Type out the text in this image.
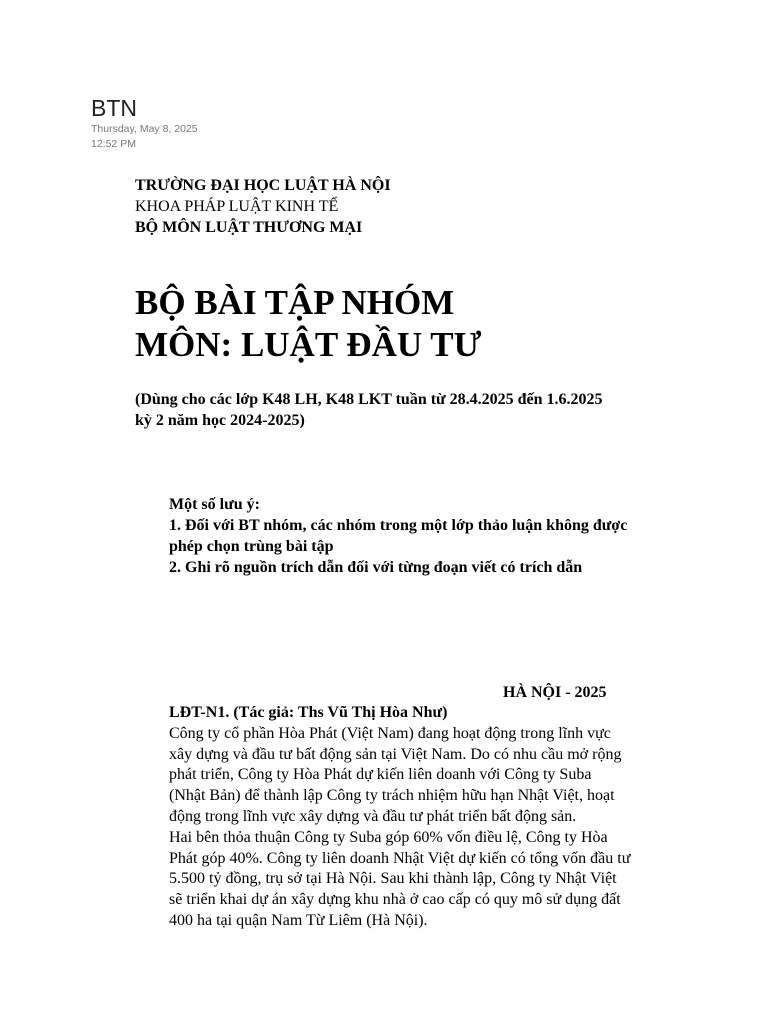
BTN
Thursday, May 8, 2025
12:52 PM
TRƯỜNG ĐẠI HỌC LUẬT HÀ NỘI
KHOA PHÁP LUẬT KINH TẾ
BỘ MÔN LUẬT THƯƠNG MẠI
BỘ BÀI TẬP NHÓM
MÔN: LUẬT ĐẦU TƯ
(Dùng cho các lớp K48 LH, K48 LKT tuần từ 28.4.2025 đến 1.6.2025
kỳ 2 năm học 2024-2025)
Một số lưu ý:
1. Đối với BT nhóm, các nhóm trong một lớp thảo luận không được
phép chọn trùng bài tập
2. Ghi rõ nguồn trích dẫn đối với từng đoạn viết có trích dẫn
HÀ NỘI - 2025
LĐT-N1. (Tác giả: Ths Vũ Thị Hòa Như)
Công ty cổ phần Hòa Phát (Việt Nam) đang hoạt động trong lĩnh vực
xây dựng và đầu tư bất động sản tại Việt Nam. Do có nhu cầu mở rộng
phát triển, Công ty Hòa Phát dự kiến liên doanh với Công ty Suba
(Nhật Bản) để thành lập Công ty trách nhiệm hữu hạn Nhật Việt, hoạt
động trong lĩnh vực xây dựng và đầu tư phát triển bất động sản.
Hai bên thỏa thuận Công ty Suba góp 60% vốn điều lệ, Công ty Hòa
Phát góp 40%. Công ty liên doanh Nhật Việt dự kiến có tổng vốn đầu tư
5.500 tỷ đồng, trụ sở tại Hà Nội. Sau khi thành lập, Công ty Nhật Việt
sẽ triển khai dự án xây dựng khu nhà ở cao cấp có quy mô sử dụng đất
400 ha tại quận Nam Từ Liêm (Hà Nội).
